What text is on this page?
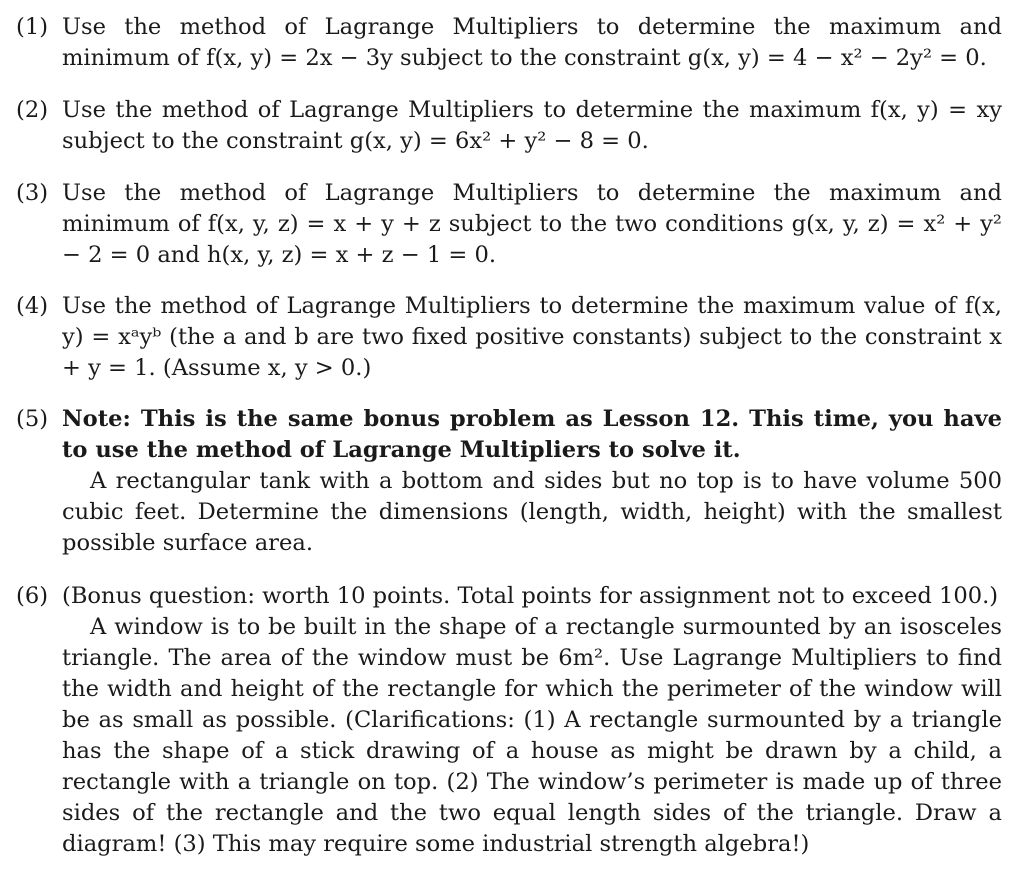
(1) Use the method of Lagrange Multipliers to determine the maximum and minimum of f(x, y) = 2x − 3y subject to the constraint g(x, y) = 4 − x² − 2y² = 0.
(2) Use the method of Lagrange Multipliers to determine the maximum f(x, y) = xy subject to the constraint g(x, y) = 6x² + y² − 8 = 0.
(3) Use the method of Lagrange Multipliers to determine the maximum and minimum of f(x, y, z) = x + y + z subject to the two conditions g(x, y, z) = x² + y² − 2 = 0 and h(x, y, z) = x + z − 1 = 0.
(4) Use the method of Lagrange Multipliers to determine the maximum value of f(x, y) = xᵃyᵇ (the a and b are two fixed positive constants) subject to the constraint x + y = 1. (Assume x, y > 0.)
(5) Note: This is the same bonus problem as Lesson 12. This time, you have to use the method of Lagrange Multipliers to solve it.
A rectangular tank with a bottom and sides but no top is to have volume 500 cubic feet. Determine the dimensions (length, width, height) with the smallest possible surface area.
(6) (Bonus question: worth 10 points. Total points for assignment not to exceed 100.)
A window is to be built in the shape of a rectangle surmounted by an isosceles triangle. The area of the window must be 6m². Use Lagrange Multipliers to find the width and height of the rectangle for which the perimeter of the window will be as small as possible. (Clarifications: (1) A rectangle surmounted by a triangle has the shape of a stick drawing of a house as might be drawn by a child, a rectangle with a triangle on top. (2) The window’s perimeter is made up of three sides of the rectangle and the two equal length sides of the triangle. Draw a diagram! (3) This may require some industrial strength algebra!)
